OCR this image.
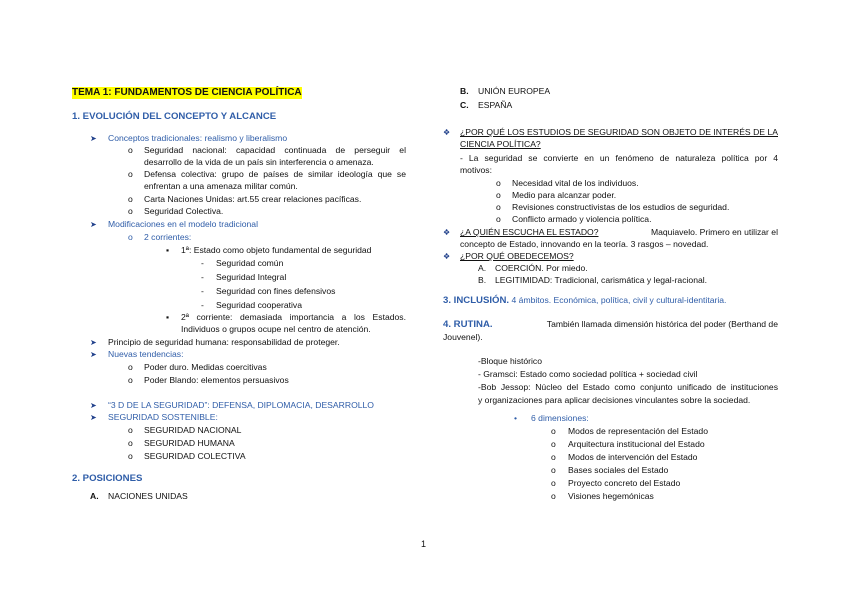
TEMA 1: FUNDAMENTOS DE CIENCIA POLÍTICA
1. EVOLUCIÓN DEL CONCEPTO Y ALCANCE
➤ Conceptos tradicionales: realismo y liberalismo
o Seguridad nacional: capacidad continuada de perseguir el
desarrollo de la vida de un país sin interferencia o amenaza.
o Defensa colectiva: grupo de países de similar ideología que se
enfrentan a una amenaza militar común.
o Carta Naciones Unidas: art.55 crear relaciones pacíficas.
o Seguridad Colectiva.
➤ Modificaciones en el modelo tradicional
o 2 corrientes:
▪ 1ª: Estado como objeto fundamental de seguridad
- Seguridad común
- Seguridad Integral
- Seguridad con fines defensivos
- Seguridad cooperativa
▪ 2ª corriente: demasiada importancia a los Estados.
Individuos o grupos ocupe nel centro de atención.
➤ Principio de seguridad humana: responsabilidad de proteger.
➤ Nuevas tendencias:
o Poder duro. Medidas coercitivas
o Poder Blando: elementos persuasivos
➤ “3 D DE LA SEGURIDAD”: DEFENSA, DIPLOMACIA, DESARROLLO
➤ SEGURIDAD SOSTENIBLE:
o SEGURIDAD NACIONAL
o SEGURIDAD HUMANA
o SEGURIDAD COLECTIVA
2. POSICIONES
A. NACIONES UNIDAS
B. UNIÓN EUROPEA
C. ESPAÑA
❖ ¿POR QUÉ LOS ESTUDIOS DE SEGURIDAD SON OBJETO DE INTERÉS DE LA
CIENCIA POLÍTICA?
- La seguridad se convierte en un fenómeno de naturaleza política por 4
motivos:
o Necesidad vital de los individuos.
o Medio para alcanzar poder.
o Revisiones constructivistas de los estudios de seguridad.
o Conflicto armado y violencia política.
❖ ¿A QUIÉN ESCUCHA EL ESTADO?	Maquiavelo. Primero en utilizar el
concepto de Estado, innovando en la teoría. 3 rasgos – novedad.
❖ ¿POR QUÉ OBEDECEMOS?
A. COERCIÓN. Por miedo.
B. LEGITIMIDAD: Tradicional, carismática y legal-racional.
3. INCLUSIÓN. 4 ámbitos. Económica, política, civil y cultural-identitaria.
4. RUTINA.	También llamada dimensión histórica del poder (Berthand de
Jouvenel).
-Bloque histórico
- Gramsci: Estado como sociedad política + sociedad civil
-Bob Jessop: Núcleo del Estado como conjunto unificado de instituciones
y organizaciones para aplicar decisiones vinculantes sobre la sociedad.
• 6 dimensiones:
o Modos de representación del Estado
o Arquitectura institucional del Estado
o Modos de intervención del Estado
o Bases sociales del Estado
o Proyecto concreto del Estado
o Visiones hegemónicas
1
